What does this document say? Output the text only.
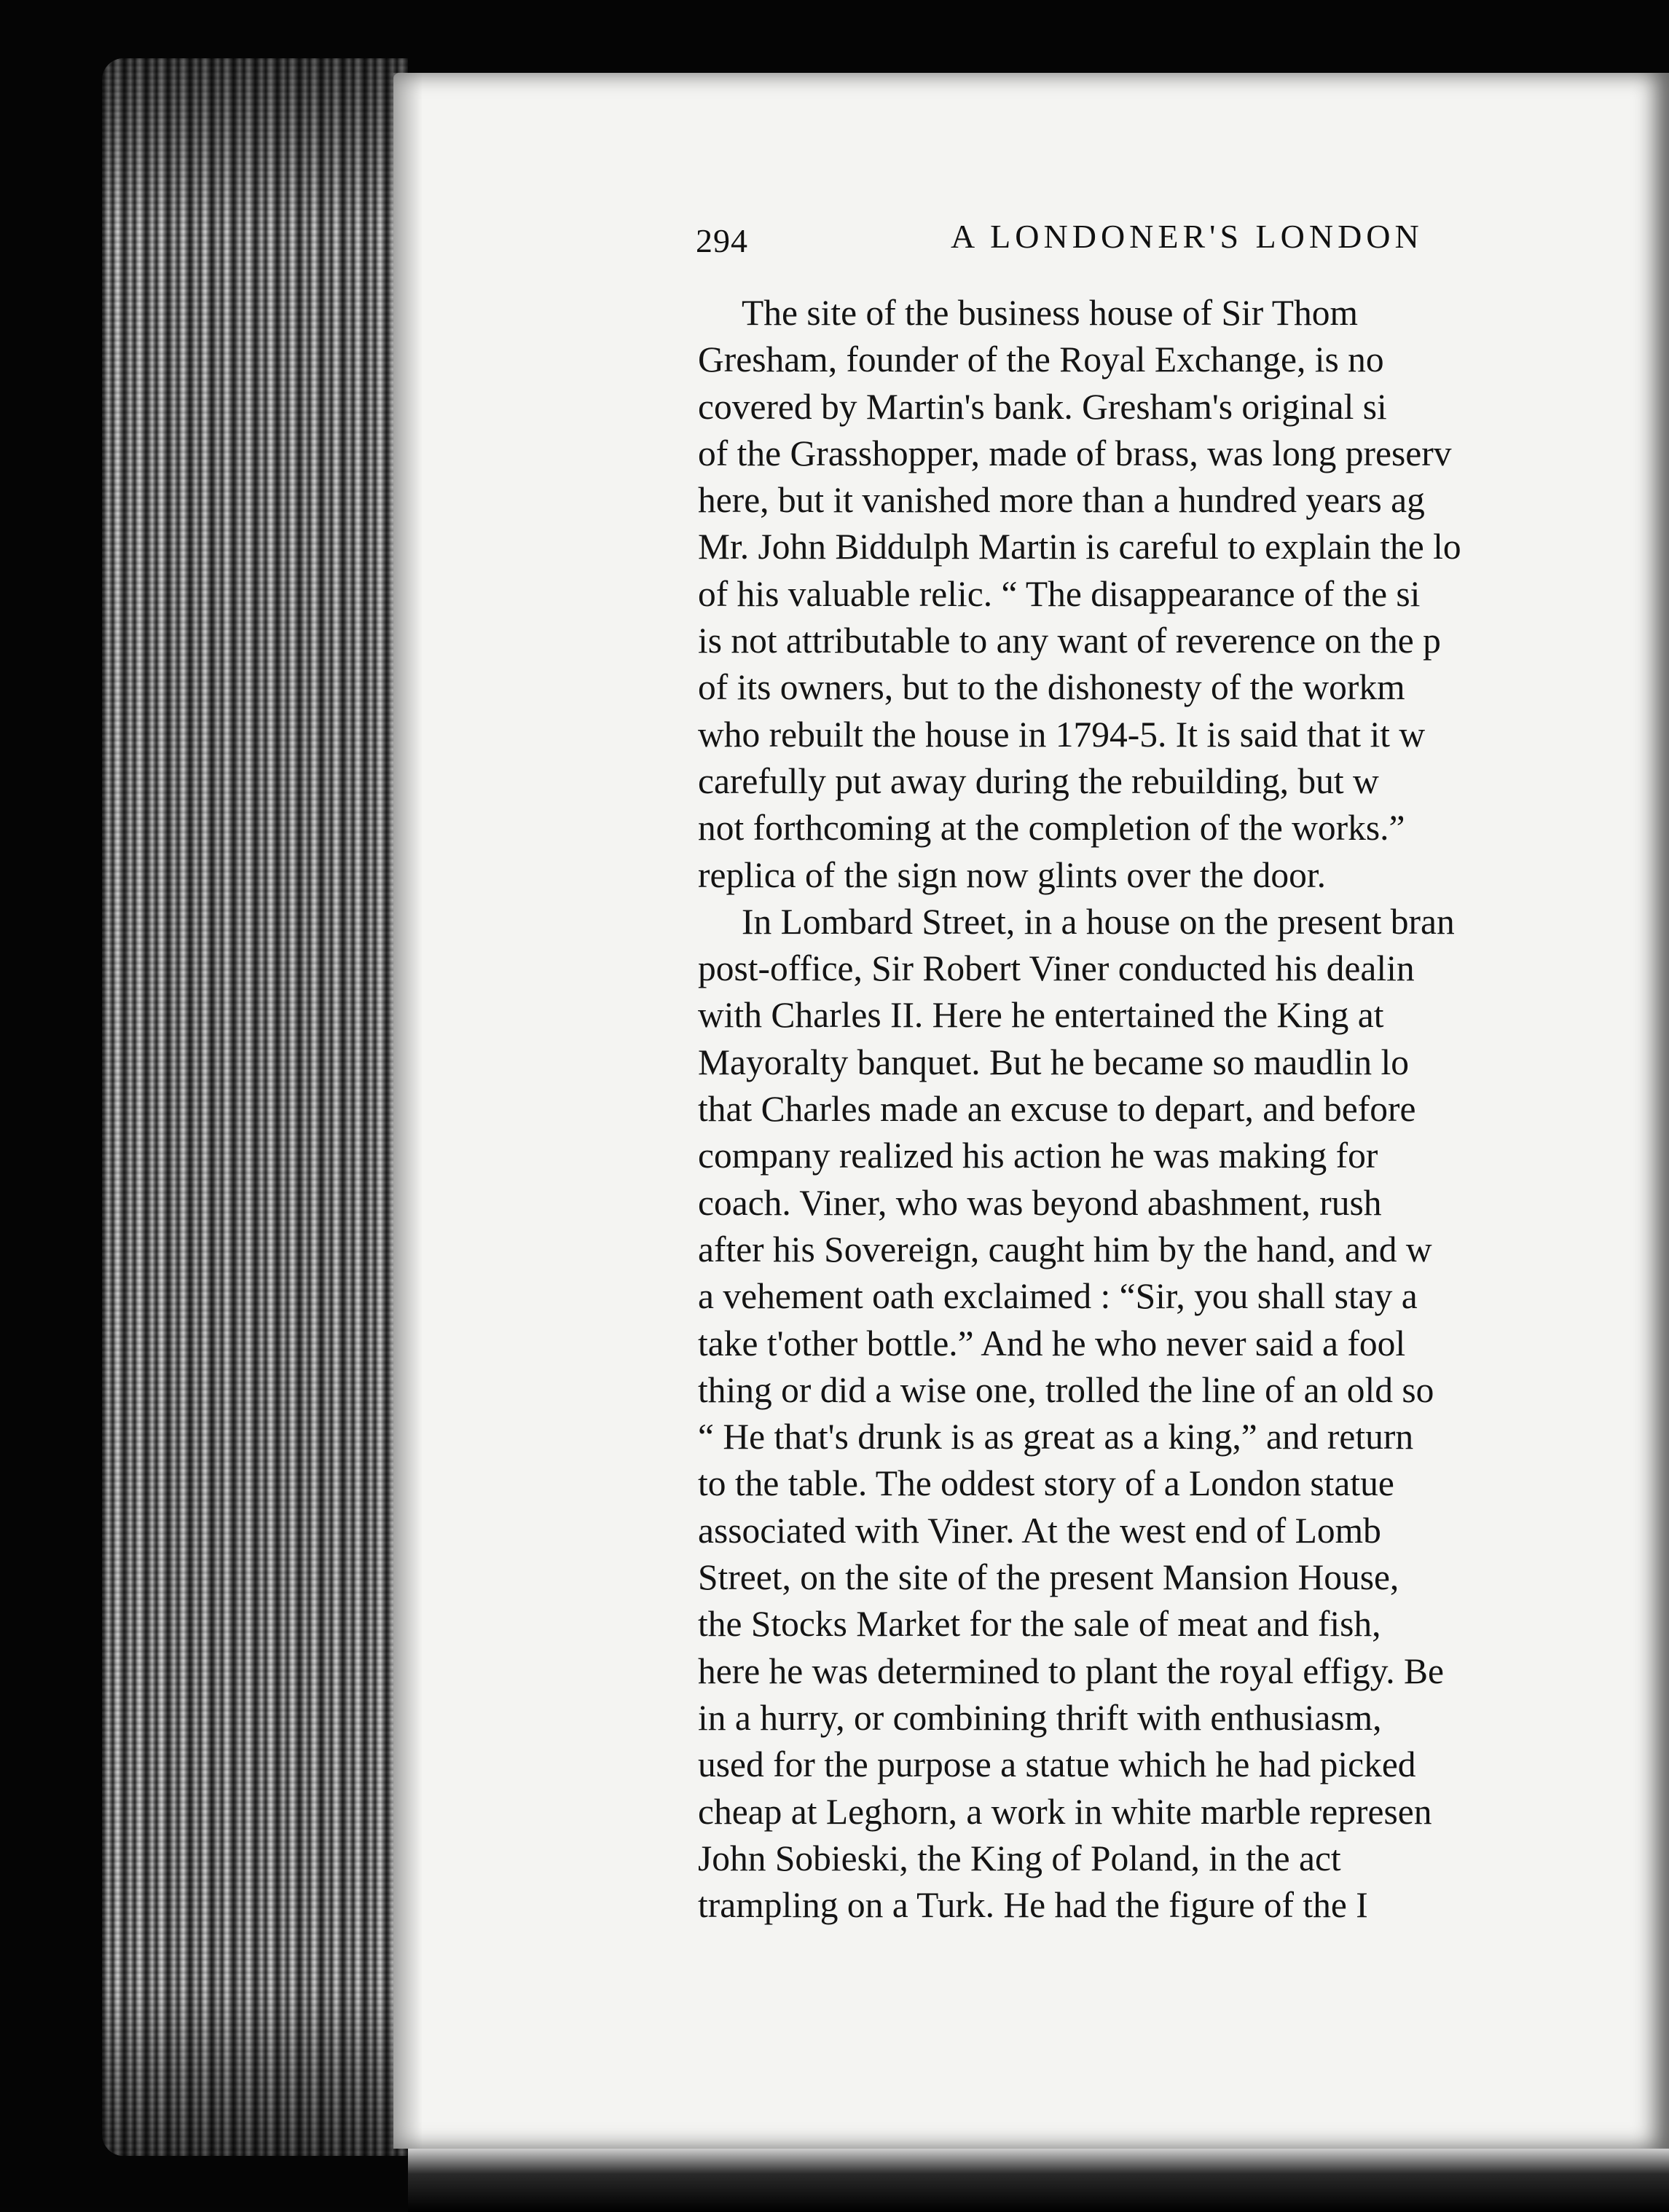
294	A LONDONER'S LONDON
The site of the business house of Sir Thom
Gresham, founder of the Royal Exchange, is no
covered by Martin's bank. Gresham's original si
of the Grasshopper, made of brass, was long preserv
here, but it vanished more than a hundred years ag
Mr. John Biddulph Martin is careful to explain the lo
of his valuable relic. “ The disappearance of the si
is not attributable to any want of reverence on the p
of its owners, but to the dishonesty of the workm
who rebuilt the house in 1794-5. It is said that it w
carefully put away during the rebuilding, but w
not forthcoming at the completion of the works.”
replica of the sign now glints over the door.
In Lombard Street, in a house on the present bran
post-office, Sir Robert Viner conducted his dealin
with Charles II. Here he entertained the King at
Mayoralty banquet. But he became so maudlin lo
that Charles made an excuse to depart, and before
company realized his action he was making for
coach. Viner, who was beyond abashment, rush
after his Sovereign, caught him by the hand, and w
a vehement oath exclaimed : “Sir, you shall stay a
take t'other bottle.” And he who never said a fool
thing or did a wise one, trolled the line of an old so
“ He that's drunk is as great as a king,” and return
to the table. The oddest story of a London statue
associated with Viner. At the west end of Lomb
Street, on the site of the present Mansion House,
the Stocks Market for the sale of meat and fish,
here he was determined to plant the royal effigy. Be
in a hurry, or combining thrift with enthusiasm,
used for the purpose a statue which he had picked
cheap at Leghorn, a work in white marble represen
John Sobieski, the King of Poland, in the act
trampling on a Turk. He had the figure of the I
